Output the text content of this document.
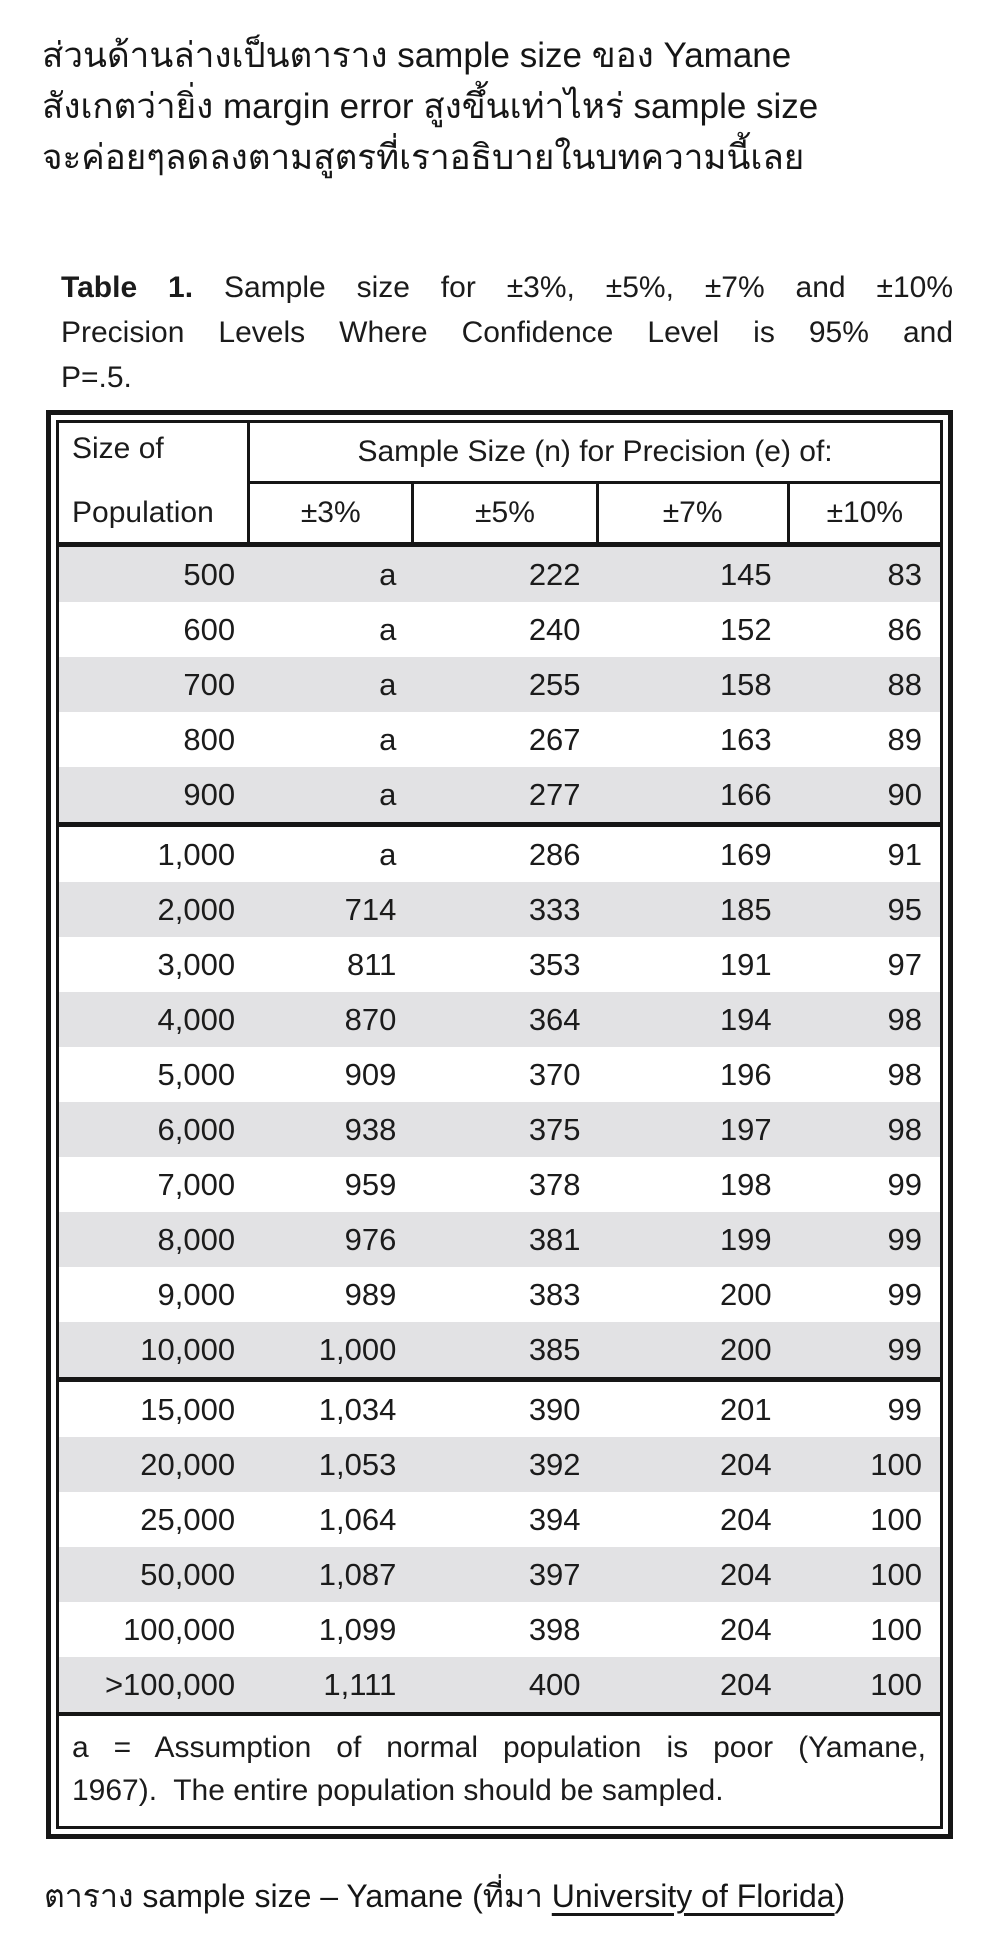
ส่วนด้านล่างเป็นตาราง sample size ของ Yamane
สังเกตว่ายิ่ง margin error สูงขึ้นเท่าไหร่ sample size
จะค่อยๆลดลงตามสูตรที่เราอธิบายในบทความนี้เลย
Table 1. Sample size for ±3%, ±5%, ±7% and ±10%
Precision Levels Where Confidence Level is 95% and
P=.5.
Size of
Population
Sample Size (n) for Precision (e) of:
±3%	±5%	±7%	±10%
500	a	222	145	83
600	a	240	152	86
700	a	255	158	88
800	a	267	163	89
900	a	277	166	90
1,000	a	286	169	91
2,000	714	333	185	95
3,000	811	353	191	97
4,000	870	364	194	98
5,000	909	370	196	98
6,000	938	375	197	98
7,000	959	378	198	99
8,000	976	381	199	99
9,000	989	383	200	99
10,000	1,000	385	200	99
15,000	1,034	390	201	99
20,000	1,053	392	204	100
25,000	1,064	394	204	100
50,000	1,087	397	204	100
100,000	1,099	398	204	100
>100,000	1,111	400	204	100
a = Assumption of normal population is poor (Yamane,
1967).  The entire population should be sampled.
ตาราง sample size – Yamane (ที่มา University of Florida)
